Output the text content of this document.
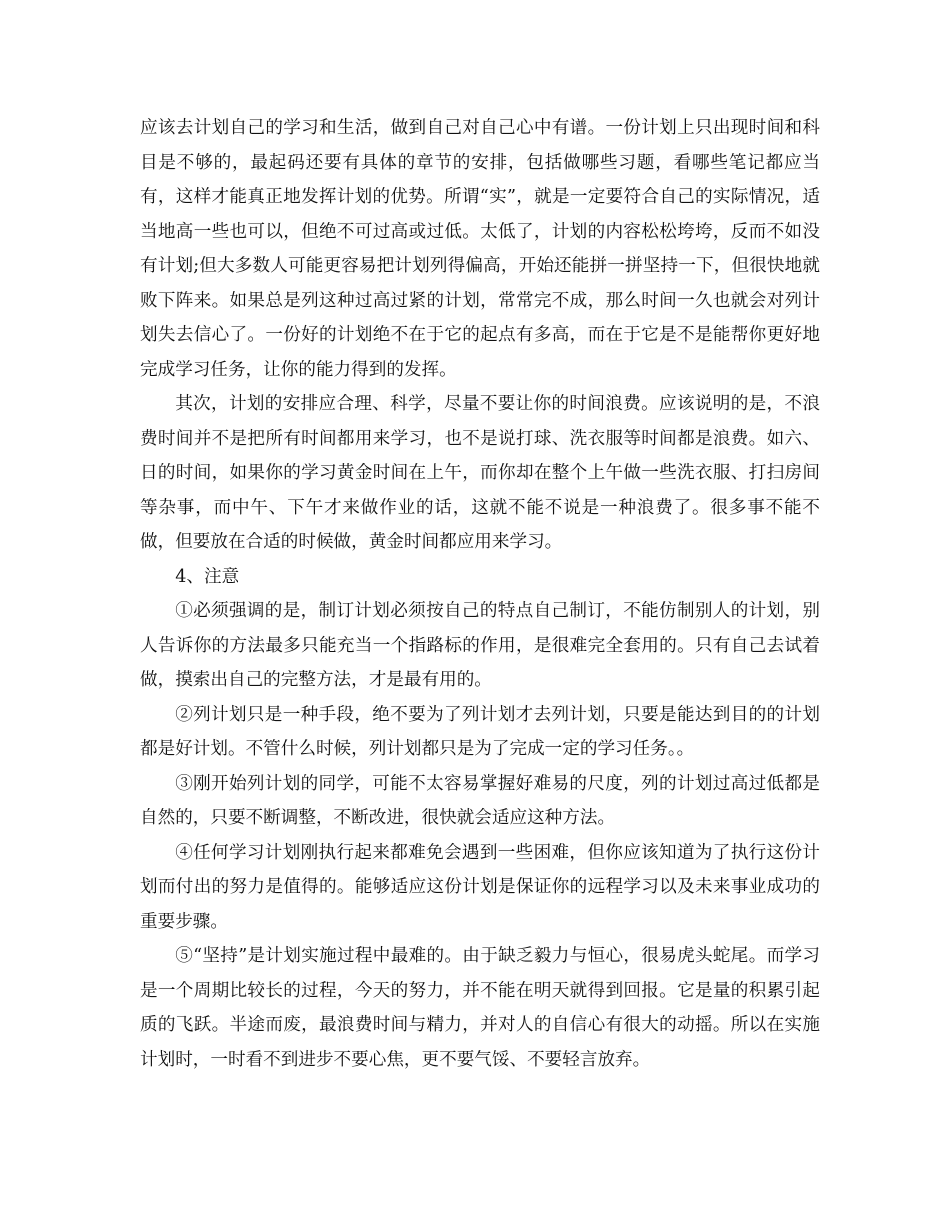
应该去计划自己的学习和生活，做到自己对自己心中有谱。一份计划上只出现时间和科目是不够的，最起码还要有具体的章节的安排，包括做哪些习题，看哪些笔记都应当有，这样才能真正地发挥计划的优势。所谓“实”，就是一定要符合自己的实际情况，适当地高一些也可以，但绝不可过高或过低。太低了，计划的内容松松垮垮，反而不如没有计划;但大多数人可能更容易把计划列得偏高，开始还能拼一拼坚持一下，但很快地就败下阵来。如果总是列这种过高过紧的计划，常常完不成，那么时间一久也就会对列计划失去信心了。一份好的计划绝不在于它的起点有多高，而在于它是不是能帮你更好地完成学习任务，让你的能力得到的发挥。

其次，计划的安排应合理、科学，尽量不要让你的时间浪费。应该说明的是，不浪费时间并不是把所有时间都用来学习，也不是说打球、洗衣服等时间都是浪费。如六、日的时间，如果你的学习黄金时间在上午，而你却在整个上午做一些洗衣服、打扫房间等杂事，而中午、下午才来做作业的话，这就不能不说是一种浪费了。很多事不能不做，但要放在合适的时候做，黄金时间都应用来学习。

4、注意

①必须强调的是，制订计划必须按自己的特点自己制订，不能仿制别人的计划，别人告诉你的方法最多只能充当一个指路标的作用，是很难完全套用的。只有自己去试着做，摸索出自己的完整方法，才是最有用的。

②列计划只是一种手段，绝不要为了列计划才去列计划，只要是能达到目的的计划都是好计划。不管什么时候，列计划都只是为了完成一定的学习任务。。

③刚开始列计划的同学，可能不太容易掌握好难易的尺度，列的计划过高过低都是自然的，只要不断调整，不断改进，很快就会适应这种方法。

④任何学习计划刚执行起来都难免会遇到一些困难，但你应该知道为了执行这份计划而付出的努力是值得的。能够适应这份计划是保证你的远程学习以及未来事业成功的重要步骤。

⑤“坚持”是计划实施过程中最难的。由于缺乏毅力与恒心，很易虎头蛇尾。而学习是一个周期比较长的过程，今天的努力，并不能在明天就得到回报。它是量的积累引起质的飞跃。半途而废，最浪费时间与精力，并对人的自信心有很大的动摇。所以在实施计划时，一时看不到进步不要心焦，更不要气馁、不要轻言放弃。
